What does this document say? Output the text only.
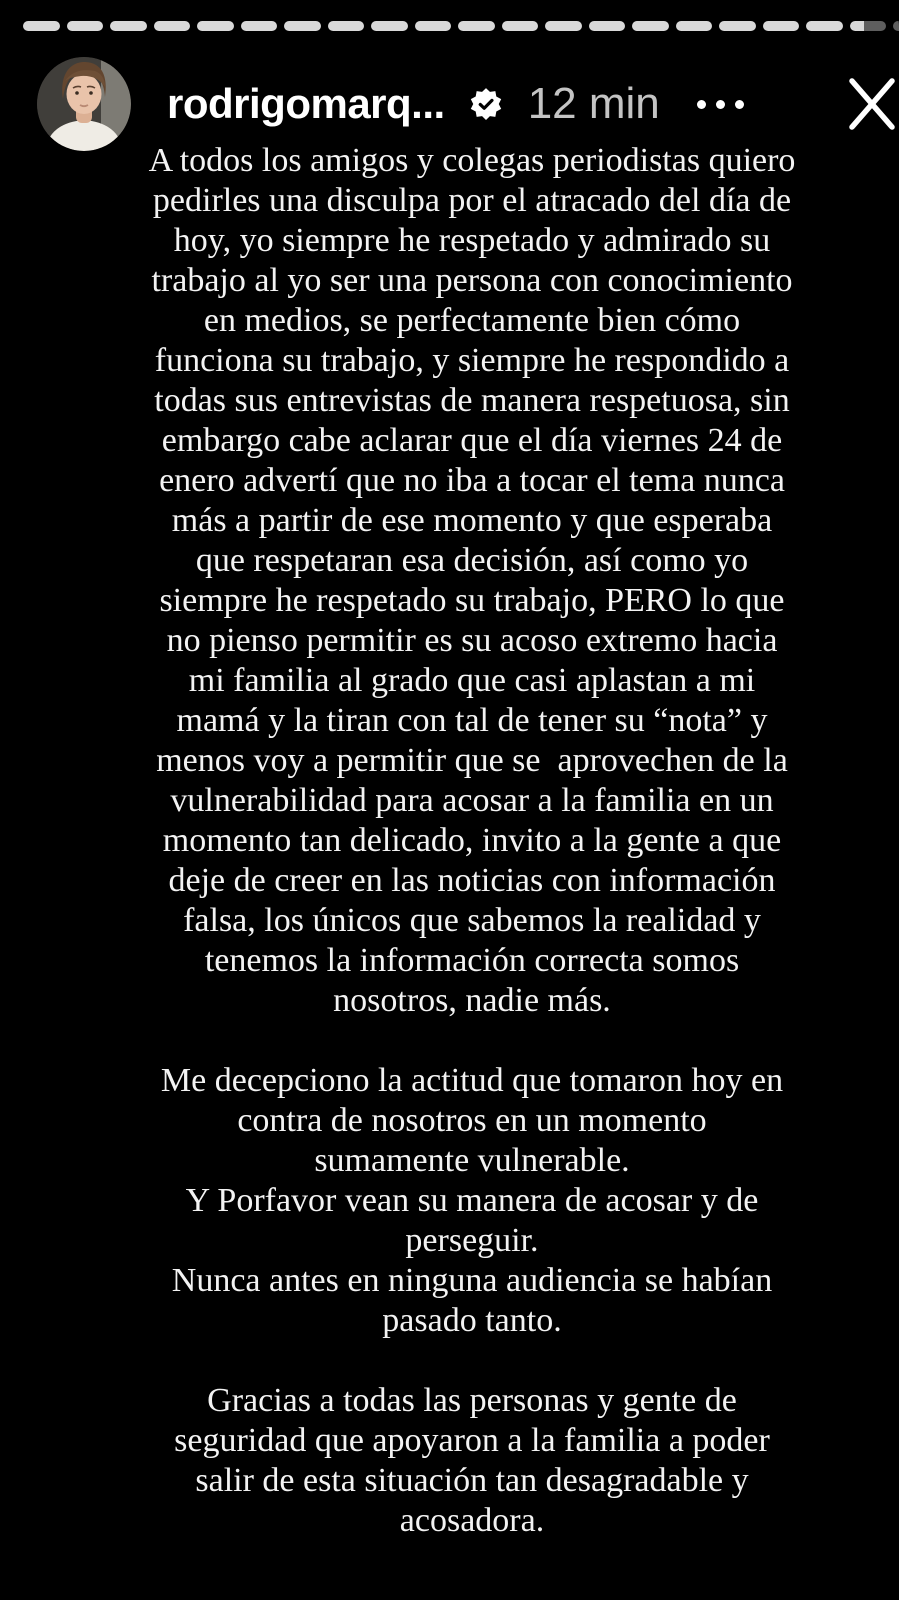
rodrigomarq... 12 min
A todos los amigos y colegas periodistas quiero
pedirles una disculpa por el atracado del día de
hoy, yo siempre he respetado y admirado su
trabajo al yo ser una persona con conocimiento
en medios, se perfectamente bien cómo
funciona su trabajo, y siempre he respondido a
todas sus entrevistas de manera respetuosa, sin
embargo cabe aclarar que el día viernes 24 de
enero advertí que no iba a tocar el tema nunca
más a partir de ese momento y que esperaba
que respetaran esa decisión, así como yo
siempre he respetado su trabajo, PERO lo que
no pienso permitir es su acoso extremo hacia
mi familia al grado que casi aplastan a mi
mamá y la tiran con tal de tener su “nota” y
menos voy a permitir que se  aprovechen de la
vulnerabilidad para acosar a la familia en un
momento tan delicado, invito a la gente a que
deje de creer en las noticias con información
falsa, los únicos que sabemos la realidad y
tenemos la información correcta somos
nosotros, nadie más.
Me decepciono la actitud que tomaron hoy en
contra de nosotros en un momento
sumamente vulnerable.
Y Porfavor vean su manera de acosar y de
perseguir.
Nunca antes en ninguna audiencia se habían
pasado tanto.
Gracias a todas las personas y gente de
seguridad que apoyaron a la familia a poder
salir de esta situación tan desagradable y
acosadora.
